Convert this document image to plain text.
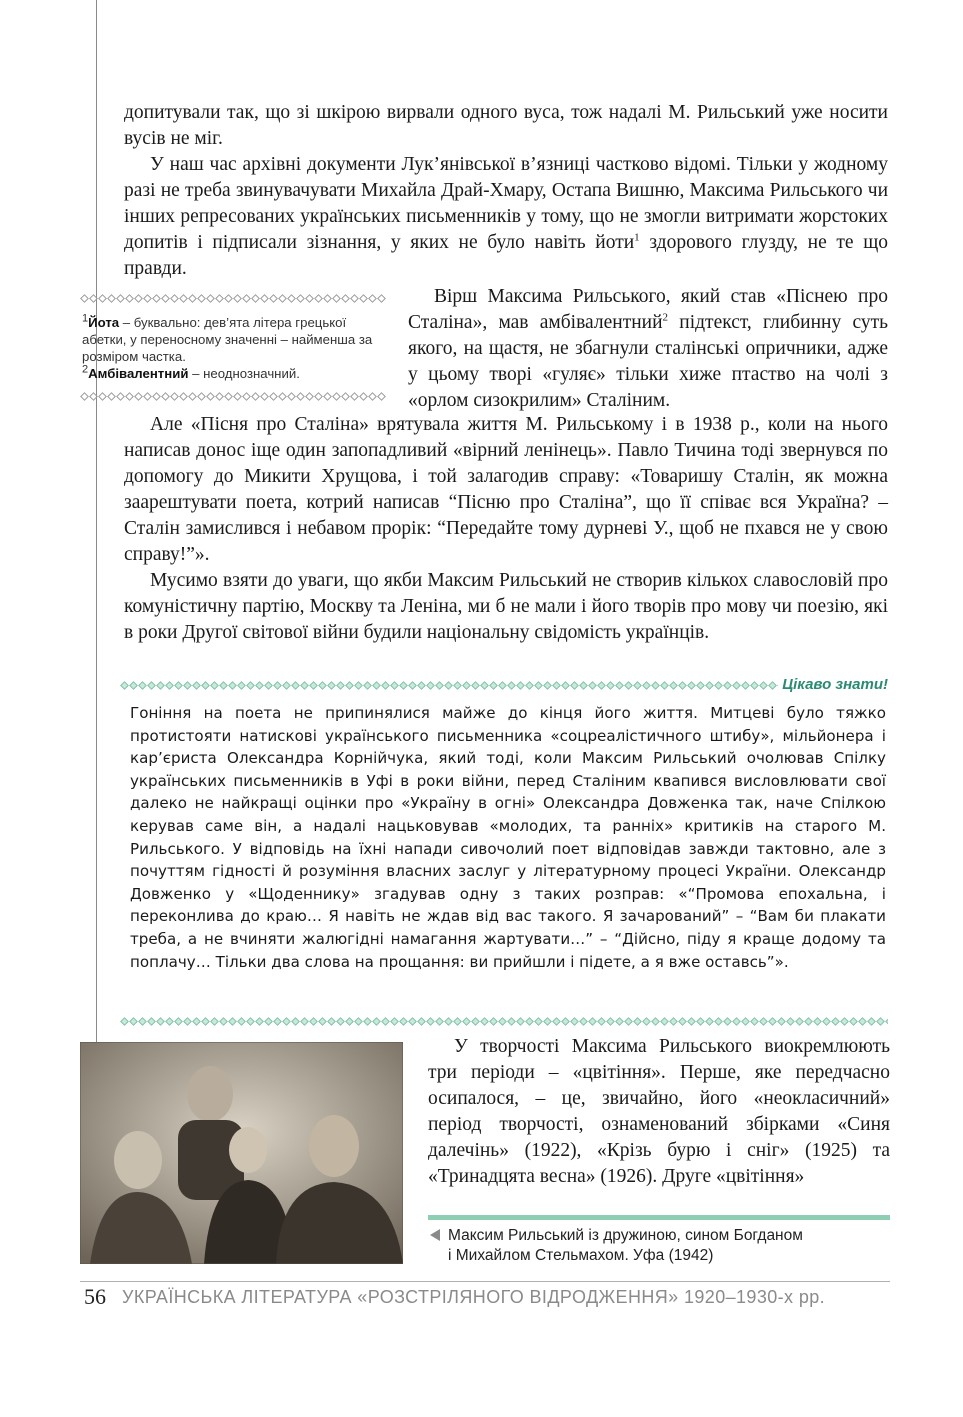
допитували так, що зі шкірою вирвали одного вуса, тож надалі М. Рильський уже носити вусів не міг.

У наш час архівні документи Лук’янівської в’язниці частково відомі. Тільки у жодному разі не треба звинувачувати Михайла Драй-Хмару, Остапа Вишню, Максима Рильського чи інших репресованих українських письменників у тому, що не змогли витримати жорстоких допитів і підписали зізнання, у яких не було навіть йоти$^1$ здорового глузду, не те що правди.

$^1$Йота – буквально: дев’ята літера грецької абетки, у переносному значенні – найменша за розміром частка.
$^2$Амбівалентний – неоднозначний.

Вірш Максима Рильського, який став «Піснею про Сталіна», мав амбівалентний$^2$ підтекст, глибинну суть якого, на щастя, не збагнули сталінські опричники, адже у цьому творі «гуляє» тільки хиже птаство на чолі з «орлом сизокрилим» Сталіним.

Але «Пісня про Сталіна» врятувала життя М. Рильському і в 1938 р., коли на нього написав донос іще один запопадливий «вірний ленінець». Павло Тичина тоді звернувся по допомогу до Микити Хрущова, і той залагодив справу: «Товаришу Сталін, як можна заарештувати поета, котрий написав “Пісню про Сталіна”, що її співає вся Україна? – Сталін замислився і небавом прорік: “Передайте тому дурневі У., щоб не пхався не у свою справу!”».

Мусимо взяти до уваги, що якби Максим Рильський не створив кількох славословій про комуністичну партію, Москву та Леніна, ми б не мали і його творів про мову чи поезію, які в роки Другої світової війни будили національну свідомість українців.

Цікаво знати!
Гоніння на поета не припинялися майже до кінця його життя. Митцеві було тяжко протистояти натискові українського письменника «соцреалістичного штибу», мільйонера і кар’єриста Олександра Корнійчука, який тоді, коли Максим Рильський очолював Спілку українських письменників в Уфі в роки війни, перед Сталіним квапився висловлювати свої далеко не найкращі оцінки про «Україну в огні» Олександра Довженка так, наче Спілкою керував саме він, а надалі нацьковував «молодих, та ранніх» критиків на старого М. Рильського. У відповідь на їхні напади сивочолий поет відповідав завжди тактовно, але з почуттям гідності й розуміння власних заслуг у літературному процесі України. Олександр Довженко у «Щоденнику» згадував одну з таких розправ: «“Промова епохальна, і переконлива до краю… Я навіть не ждав від вас такого. Я зачарований” – “Вам би плакати треба, а не вчиняти жалюгідні намагання жартувати…” – “Дійсно, піду я краще додому та поплачу… Тільки два слова на прощання: ви прийшли і підете, а я вже оставсь”».

У творчості Максима Рильського виокремлюють три періоди – «цвітіння». Перше, яке передчасно осипалося, – це, звичайно, його «неокласичний» період творчості, ознаменований збірками «Синя далечінь» (1922), «Крізь бурю і сніг» (1925) та «Тринадцята весна» (1926). Друге «цвітіння»

Максим Рильський із дружиною, сином Богданом
і Михайлом Стельмахом. Уфа (1942)
56 УКРАЇНСЬКА ЛІТЕРАТУРА «РОЗСТРІЛЯНОГО ВІДРОДЖЕННЯ» 1920–1930-х рр.
